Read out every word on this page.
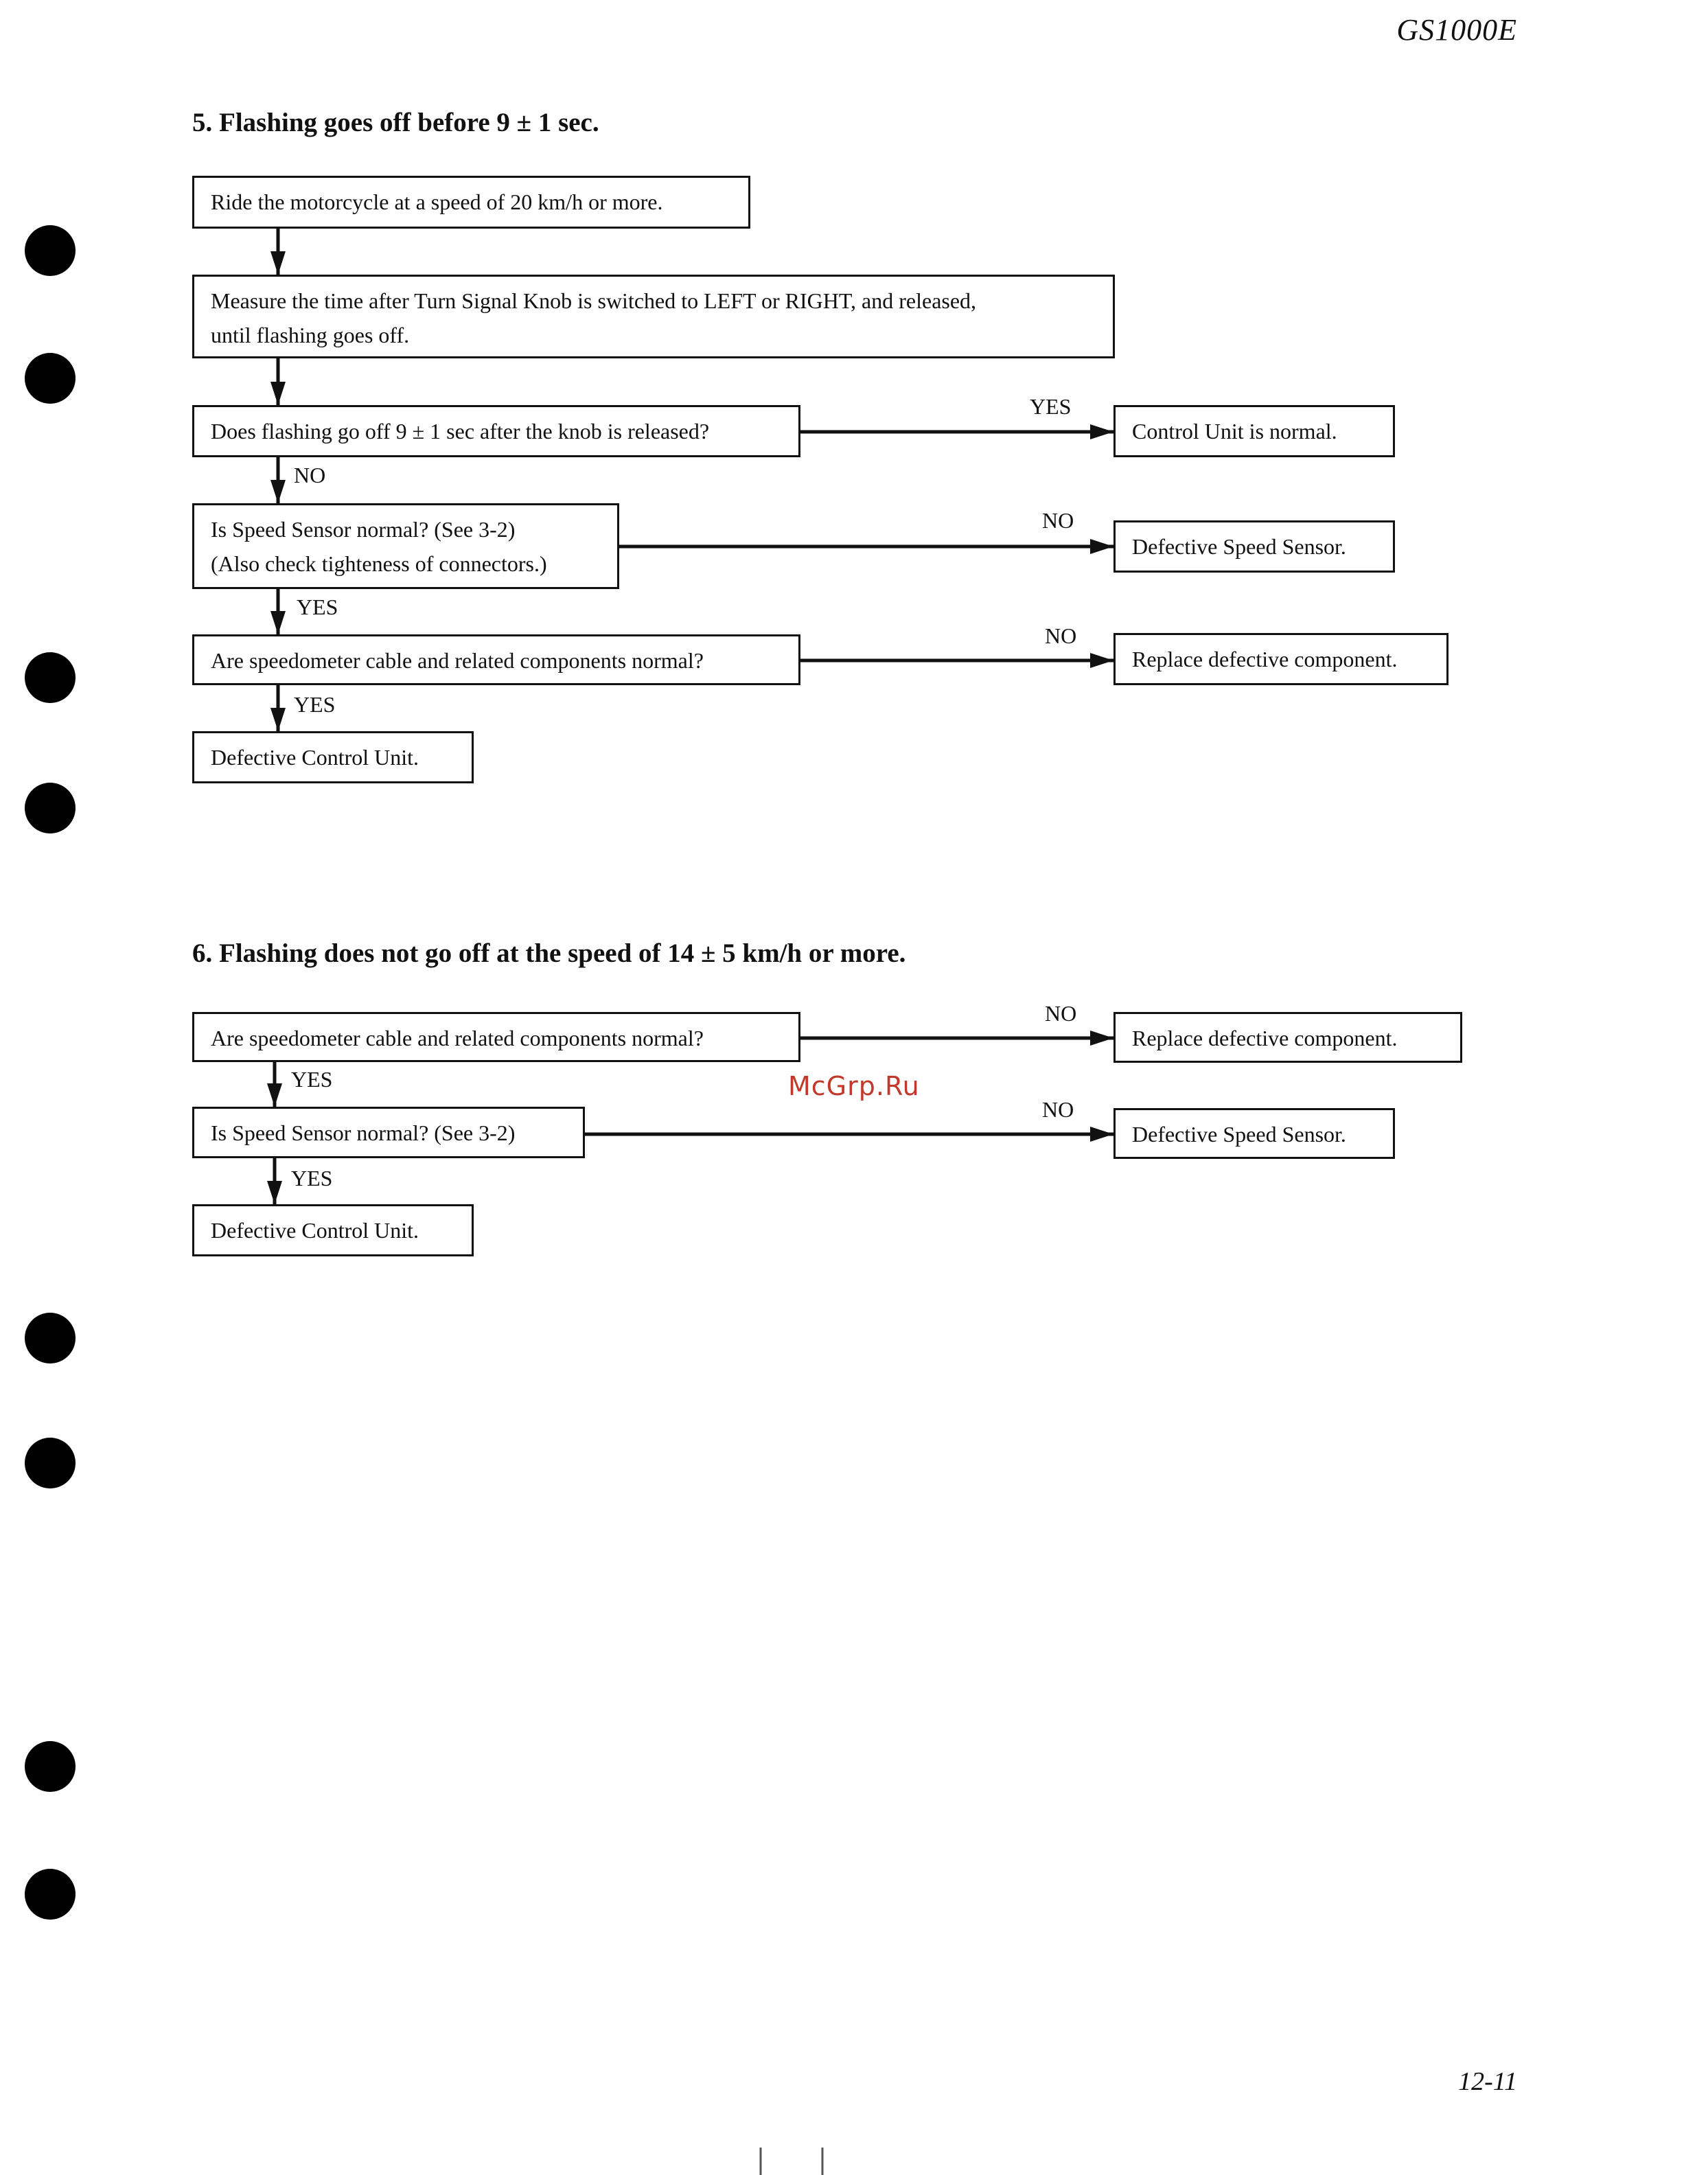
GS1000E
5. Flashing goes off before 9 ± 1 sec.
Ride the motorcycle at a speed of 20 km/h or more.
Measure the time after Turn Signal Knob is switched to LEFT or RIGHT, and released,
until flashing goes off.
Does flashing go off 9 ± 1 sec after the knob is released?
YES
Control Unit is normal.
NO
Is Speed Sensor normal? (See 3-2)
(Also check tighteness of connectors.)
NO
Defective Speed Sensor.
YES
Are speedometer cable and related components normal?
NO
Replace defective component.
YES
Defective Control Unit.
6. Flashing does not go off at the speed of 14 ± 5 km/h or more.
Are speedometer cable and related components normal?
NO
Replace defective component.
YES
Is Speed Sensor normal? (See 3-2)
NO
Defective Speed Sensor.
YES
Defective Control Unit.
McGrp.Ru
12-11
